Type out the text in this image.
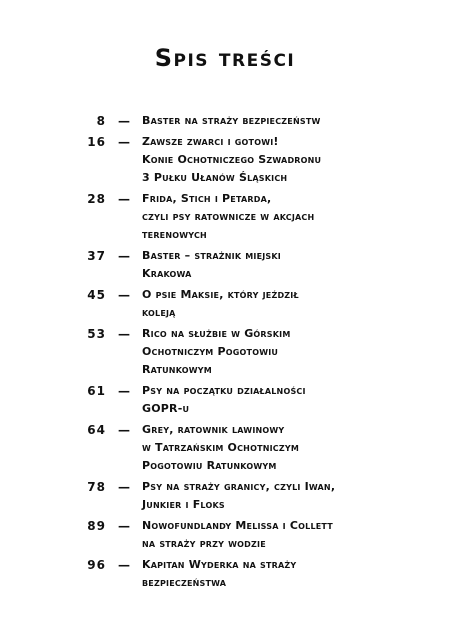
Spis treści
8 — Baster na straży bezpieczeństw
16 — Zawsze zwarci i gotowi!
Konie Ochotniczego Szwadronu
3 Pułku Ułanów Śląskich
28 — Frida, Stich i Petarda,
czyli psy ratownicze w akcjach
terenowych
37 — Baster – strażnik miejski
Krakowa
45 — O psie Maksie, który jeździł
koleją
53 — Rico na służbie w Górskim
Ochotniczym Pogotowiu
Ratunkowym
61 — Psy na początku działalności
GOPR-u
64 — Grey, ratownik lawinowy
w Tatrzańskim Ochotniczym
Pogotowiu Ratunkowym
78 — Psy na straży granicy, czyli Iwan,
Junkier i Floks
89 — Nowofundlandy Melissa i Collett
na straży przy wodzie
96 — Kapitan Wyderka na straży
bezpieczeństwa
